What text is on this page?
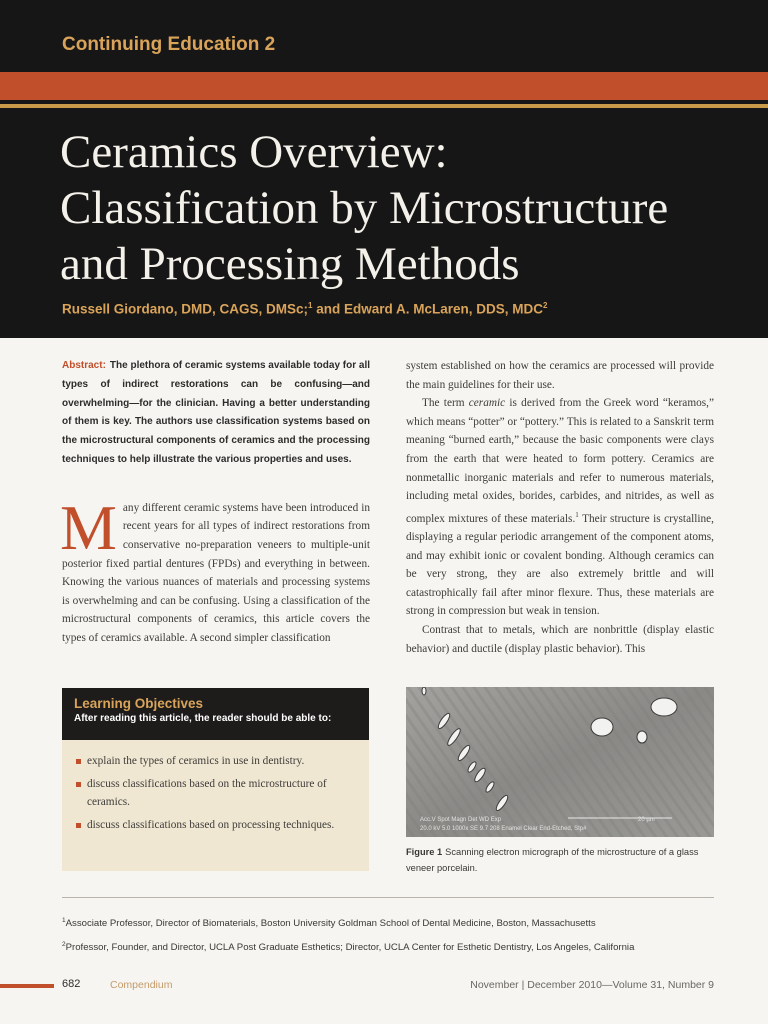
Continuing Education 2
Ceramics Overview:
Classification by Microstructure
and Processing Methods
Russell Giordano, DMD, CAGS, DMSc;$^1$ and Edward A. McLaren, DDS, MDC$^2$

Abstract: The plethora of ceramic systems available today for all types of indirect restorations can be confusing—and overwhelming—for the clinician. Having a better understanding of them is key. The authors use classification systems based on the microstructural components of ceramics and the processing techniques to help illustrate the various properties and uses.

Many different ceramic systems have been introduced in recent years for all types of indirect restorations from conservative no-preparation veneers to multiple-unit posterior fixed partial dentures (FPDs) and everything in between. Knowing the various nuances of materials and processing systems is overwhelming and can be confusing. Using a classification of the microstructural components of ceramics, this article covers the types of ceramics available. A second simpler classification

system established on how the ceramics are processed will provide the main guidelines for their use.

The term ceramic is derived from the Greek word “keramos,” which means “potter” or “pottery.” This is related to a Sanskrit term meaning “burned earth,” because the basic components were clays from the earth that were heated to form pottery. Ceramics are nonmetallic inorganic materials and refer to numerous materials, including metal oxides, borides, carbides, and nitrides, as well as complex mixtures of these materials.$^1$ Their structure is crystalline, displaying a regular periodic arrangement of the component atoms, and may exhibit ionic or covalent bonding. Although ceramics can be very strong, they are also extremely brittle and will catastrophically fail after minor flexure. Thus, these materials are strong in compression but weak in tension.

Contrast that to metals, which are nonbrittle (display elastic behavior) and ductile (display plastic behavior). This

Learning Objectives
After reading this article, the reader should be able to:
explain the types of ceramics in use in dentistry.
discuss classifications based on the microstructure of ceramics.
discuss classifications based on processing techniques.	Acc.V Spot Magn Det WD Exp
20.0 kV 5.0 1000x SE 9.7 208 Enamel Clear End-Etched, Stp#
20 µm
Figure 1 Scanning electron micrograph of the microstructure of a glass veneer porcelain.
$^1$Associate Professor, Director of Biomaterials, Boston University Goldman School of Dental Medicine, Boston, Massachusetts
$^2$Professor, Founder, and Director, UCLA Post Graduate Esthetics; Director, UCLA Center for Esthetic Dentistry, Los Angeles, California
682	Compendium	November | December 2010—Volume 31, Number 9
